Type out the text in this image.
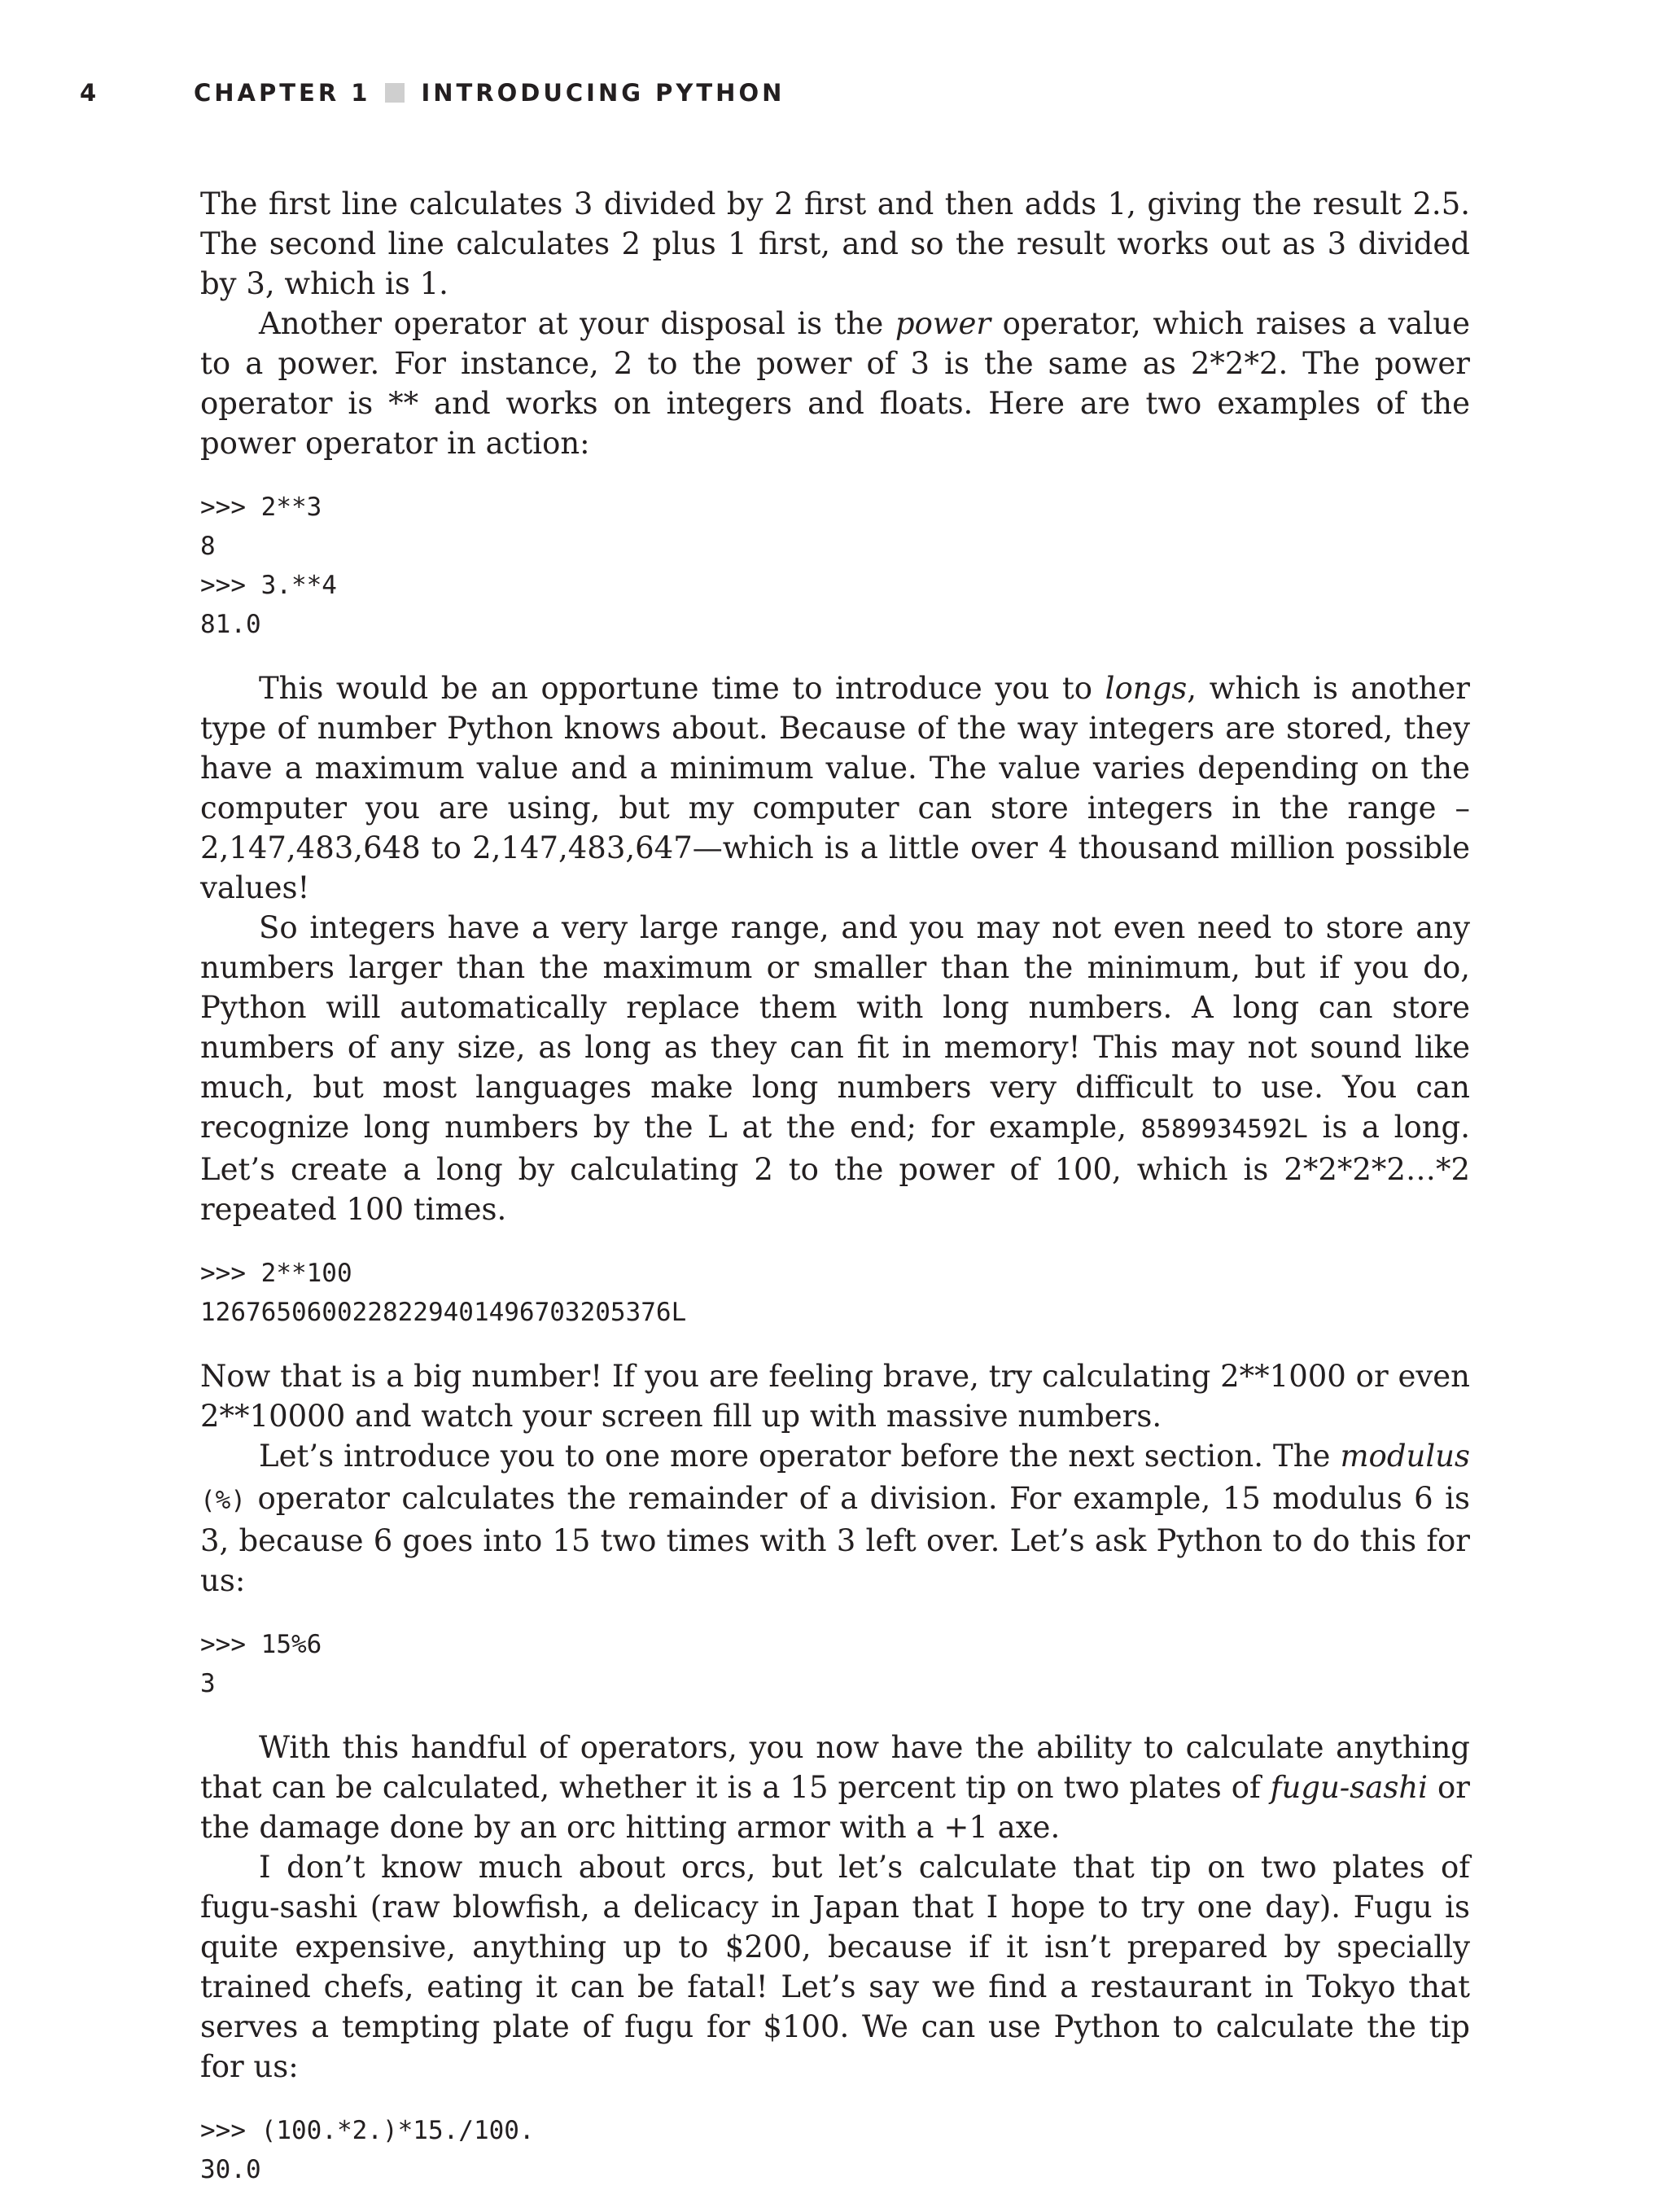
4	CHAPTER 1 INTRODUCING PYTHON

The first line calculates 3 divided by 2 first and then adds 1, giving the result 2.5. The second line calculates 2 plus 1 first, and so the result works out as 3 divided by 3, which is 1.

Another operator at your disposal is the power operator, which raises a value to a power. For instance, 2 to the power of 3 is the same as 2*2*2. The power operator is ** and works on integers and floats. Here are two examples of the power operator in action:

>>> 2**3
8
>>> 3.**4
81.0

This would be an opportune time to introduce you to longs, which is another type of number Python knows about. Because of the way integers are stored, they have a maximum value and a minimum value. The value varies depending on the computer you are using, but my computer can store integers in the range –2,147,483,648 to 2,147,483,647—which is a little over 4 thousand million possible values!

So integers have a very large range, and you may not even need to store any numbers larger than the maximum or smaller than the minimum, but if you do, Python will automatically replace them with long numbers. A long can store numbers of any size, as long as they can fit in memory! This may not sound like much, but most languages make long numbers very difficult to use. You can recognize long numbers by the L at the end; for example, 8589934592L is a long. Let’s create a long by calculating 2 to the power of 100, which is 2*2*2*2…*2 repeated 100 times.

>>> 2**100
1267650600228229401496703205376L

Now that is a big number! If you are feeling brave, try calculating 2**1000 or even 2**10000 and watch your screen fill up with massive numbers.

Let’s introduce you to one more operator before the next section. The modulus (%) operator calculates the remainder of a division. For example, 15 modulus 6 is 3, because 6 goes into 15 two times with 3 left over. Let’s ask Python to do this for us:

>>> 15%6
3

With this handful of operators, you now have the ability to calculate anything that can be calculated, whether it is a 15 percent tip on two plates of fugu-sashi or the damage done by an orc hitting armor with a +1 axe.

I don’t know much about orcs, but let’s calculate that tip on two plates of fugu-sashi (raw blowfish, a delicacy in Japan that I hope to try one day). Fugu is quite expensive, anything up to $200, because if it isn’t prepared by specially trained chefs, eating it can be fatal! Let’s say we find a restaurant in Tokyo that serves a tempting plate of fugu for $100. We can use Python to calculate the tip for us:

>>> (100.*2.)*15./100.
30.0
